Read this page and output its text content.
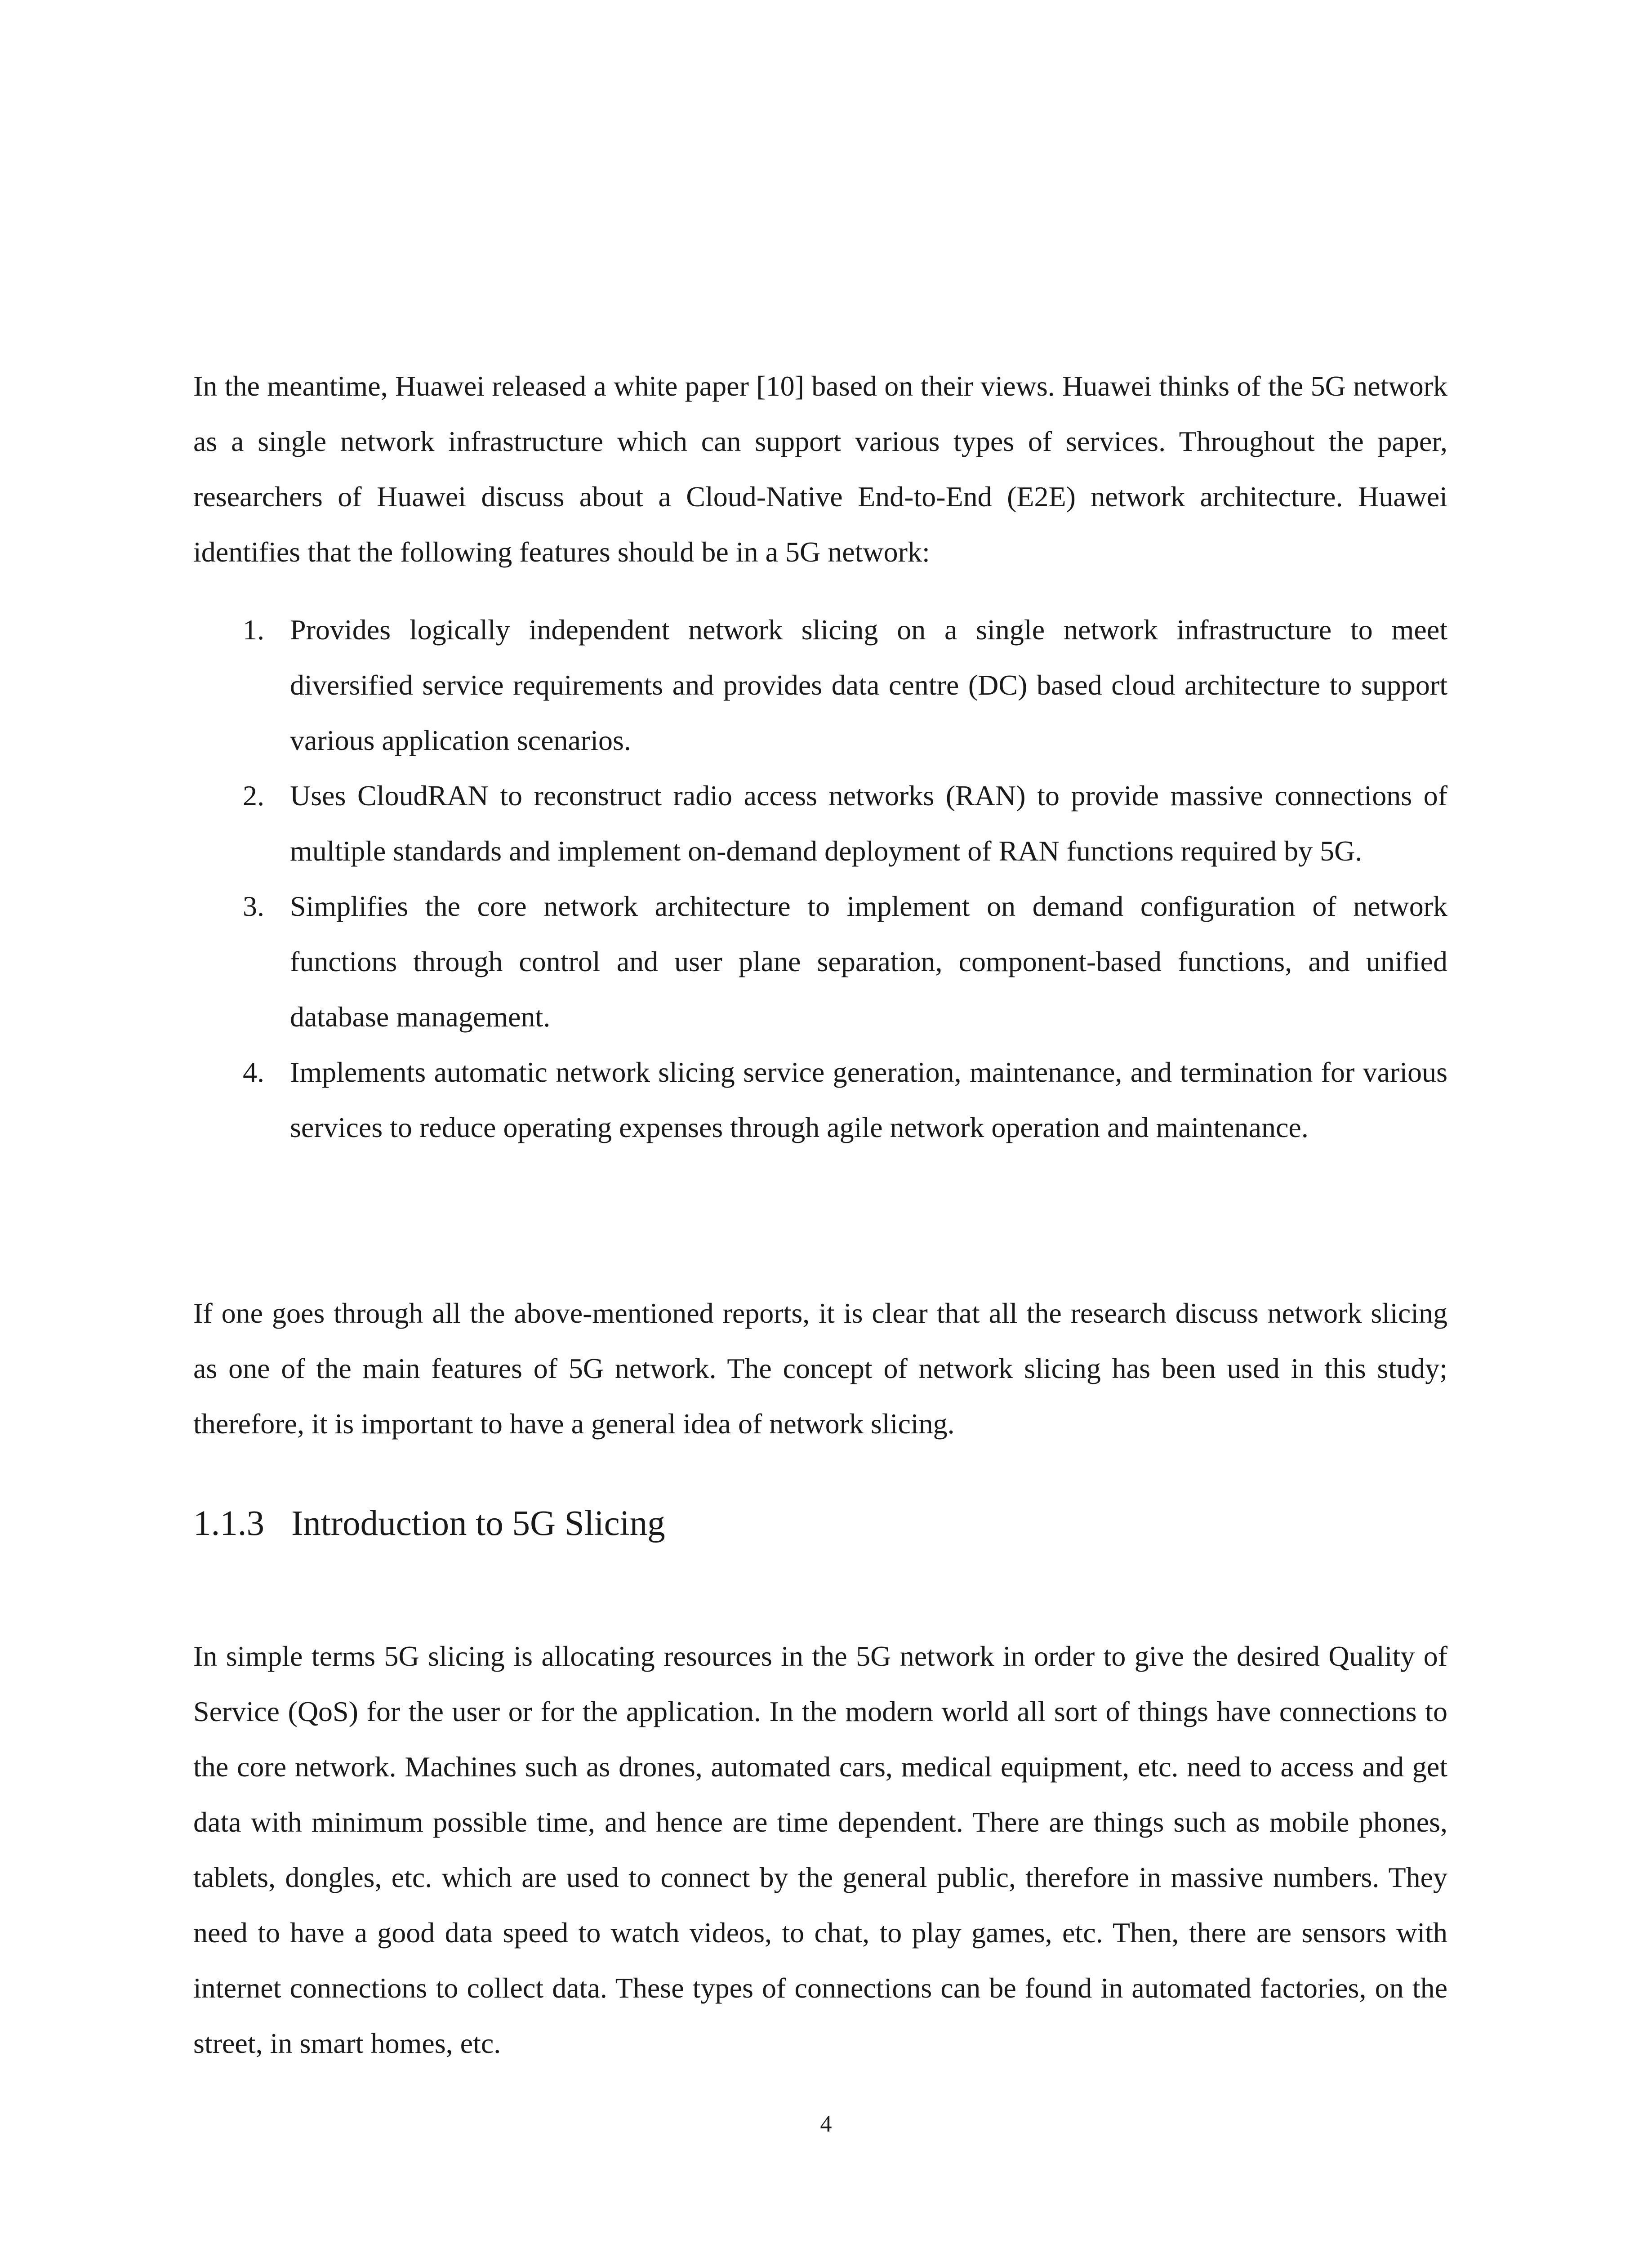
In the meantime, Huawei released a white paper [10] based on their views. Huawei thinks of the 5G network as a single network infrastructure which can support various types of services. Throughout the paper, researchers of Huawei discuss about a Cloud-Native End-to-End (E2E) network architecture. Huawei identifies that the following features should be in a 5G network:

1. Provides logically independent network slicing on a single network infrastructure to meet diversified service requirements and provides data centre (DC) based cloud architecture to support various application scenarios.
2. Uses CloudRAN to reconstruct radio access networks (RAN) to provide massive connections of multiple standards and implement on-demand deployment of RAN functions required by 5G.
3. Simplifies the core network architecture to implement on demand configuration of network functions through control and user plane separation, component-based functions, and unified database management.
4. Implements automatic network slicing service generation, maintenance, and termination for various services to reduce operating expenses through agile network operation and maintenance.

If one goes through all the above-mentioned reports, it is clear that all the research discuss network slicing as one of the main features of 5G network. The concept of network slicing has been used in this study; therefore, it is important to have a general idea of network slicing.

1.1.3 Introduction to 5G Slicing

In simple terms 5G slicing is allocating resources in the 5G network in order to give the desired Quality of Service (QoS) for the user or for the application. In the modern world all sort of things have connections to the core network. Machines such as drones, automated cars, medical equipment, etc. need to access and get data with minimum possible time, and hence are time dependent. There are things such as mobile phones, tablets, dongles, etc. which are used to connect by the general public, therefore in massive numbers. They need to have a good data speed to watch videos, to chat, to play games, etc. Then, there are sensors with internet connections to collect data. These types of connections can be found in automated factories, on the street, in smart homes, etc.

4
